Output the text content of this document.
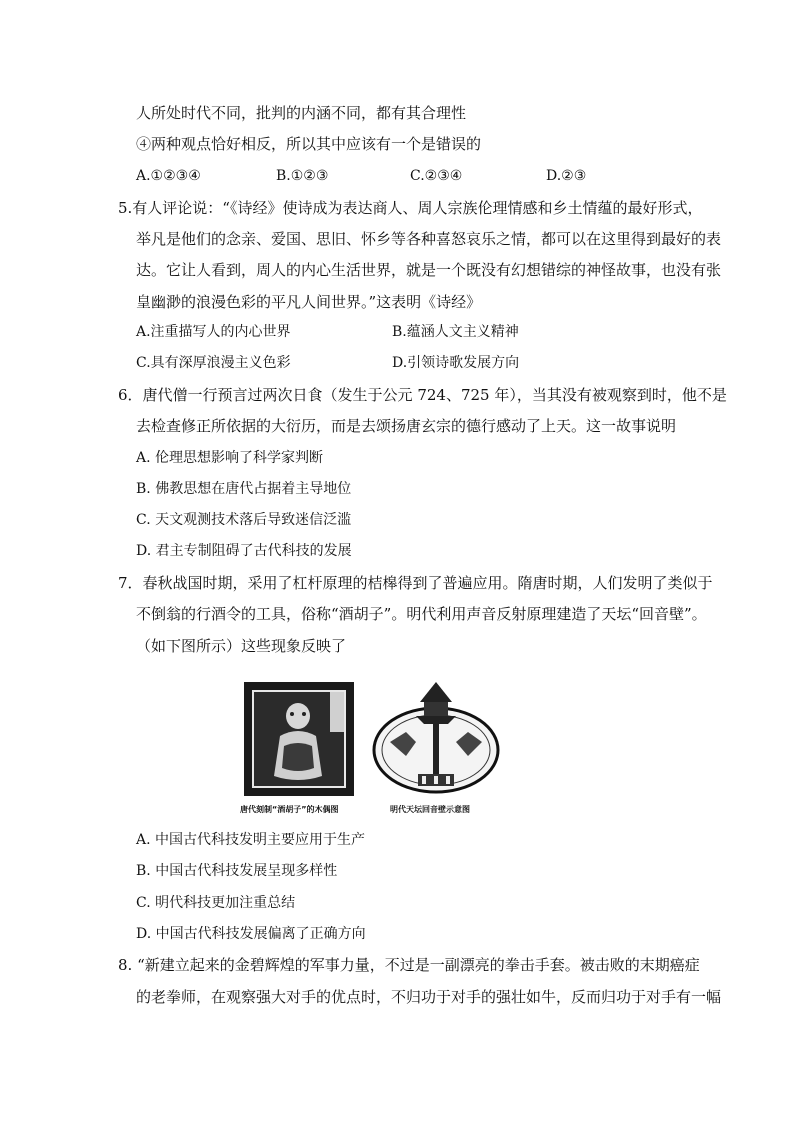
人所处时代不同，批判的内涵不同，都有其合理性
④两种观点恰好相反，所以其中应该有一个是错误的
A.①②③④	B.①②③	C.②③④	D.②③
5.有人评论说：“《诗经》使诗成为表达商人、周人宗族伦理情感和乡土情蕴的最好形式，
举凡是他们的念亲、爱国、思旧、怀乡等各种喜怒哀乐之情，都可以在这里得到最好的表
达。它让人看到，周人的内心生活世界，就是一个既没有幻想错综的神怪故事，也没有张
皇幽渺的浪漫色彩的平凡人间世界。”这表明《诗经》
A.注重描写人的内心世界	B.蕴涵人文主义精神
C.具有深厚浪漫主义色彩	D.引领诗歌发展方向
6．唐代僧一行预言过两次日食（发生于公元 724、725 年），当其没有被观察到时，他不是
去检查修正所依据的大衍历，而是去颂扬唐玄宗的德行感动了上天。这一故事说明
A. 伦理思想影响了科学家判断
B. 佛教思想在唐代占据着主导地位
C. 天文观测技术落后导致迷信泛滥
D. 君主专制阻碍了古代科技的发展
7．春秋战国时期，采用了杠杆原理的桔槔得到了普遍应用。隋唐时期，人们发明了类似于
不倒翁的行酒令的工具，俗称“酒胡子”。明代利用声音反射原理建造了天坛“回音壁”。
（如下图所示）这些现象反映了
唐代刻制“酒胡子”的木偶图	明代天坛回音壁示意图
A. 中国古代科技发明主要应用于生产
B. 中国古代科技发展呈现多样性
C. 明代科技更加注重总结
D. 中国古代科技发展偏离了正确方向
8. “新建立起来的金碧辉煌的军事力量，不过是一副漂亮的拳击手套。被击败的末期癌症
的老拳师，在观察强大对手的优点时，不归功于对手的强壮如牛，反而归功于对手有一幅
